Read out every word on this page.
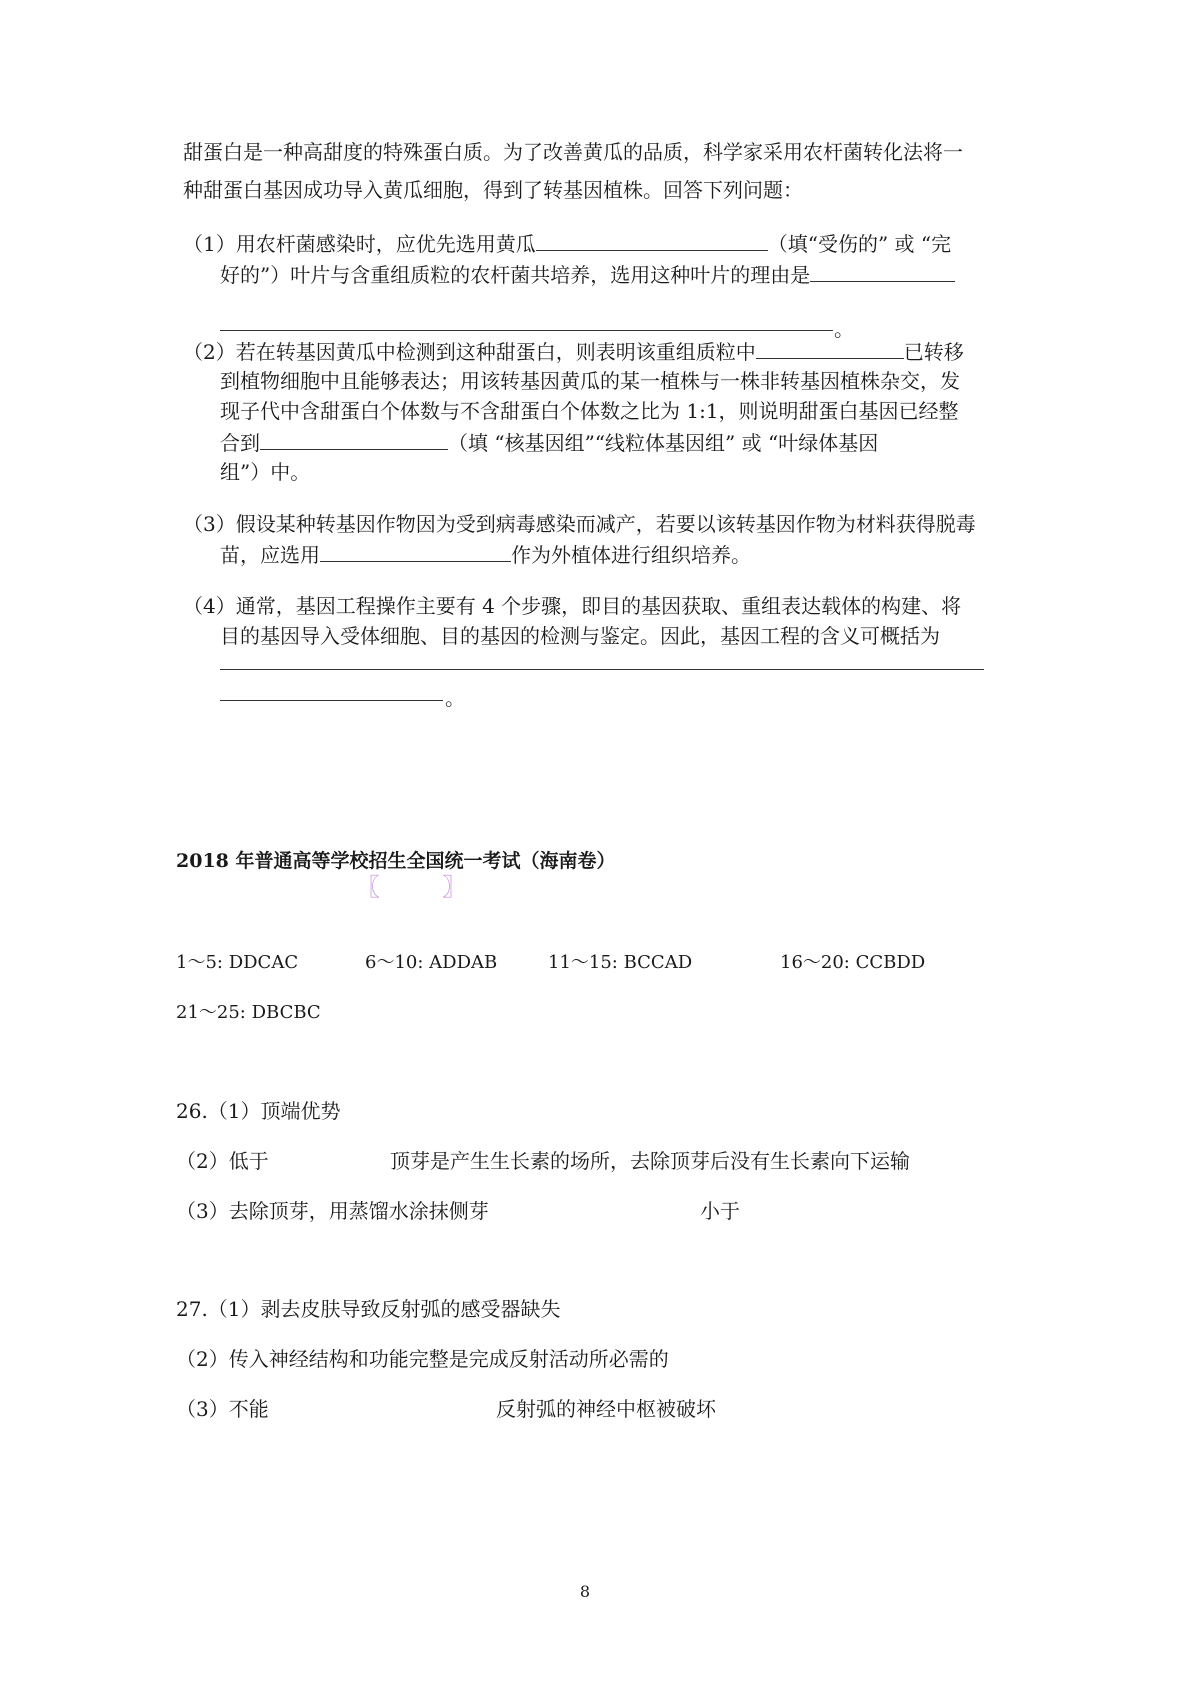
甜蛋白是一种高甜度的特殊蛋白质。为了改善黄瓜的品质，科学家采用农杆菌转化法将一
种甜蛋白基因成功导入黄瓜细胞，得到了转基因植株。回答下列问题：
（1）用农杆菌感染时，应优先选用黄瓜	（填“受伤的” 或 “完
好的”）叶片与含重组质粒的农杆菌共培养，选用这种叶片的理由是
。
（2）若在转基因黄瓜中检测到这种甜蛋白，则表明该重组质粒中	已转移
到植物细胞中且能够表达；用该转基因黄瓜的某一植株与一株非转基因植株杂交，发
现子代中含甜蛋白个体数与不含甜蛋白个体数之比为 1:1，则说明甜蛋白基因已经整
合到	（填 “核基因组”“线粒体基因组” 或 “叶绿体基因
组”）中。
（3）假设某种转基因作物因为受到病毒感染而减产，若要以该转基因作物为材料获得脱毒
苗，应选用	作为外植体进行组织培养。
（4）通常，基因工程操作主要有 4 个步骤，即目的基因获取、重组表达载体的构建、将
目的基因导入受体细胞、目的基因的检测与鉴定。因此，基因工程的含义可概括为
。
2018 年普通高等学校招生全国统一考试（海南卷）
〖	〗
1～5: DDCAC	6～10: ADDAB	11～15: BCCAD	16～20: CCBDD
21～25: DBCBC
26.（1）顶端优势
（2）低于	顶芽是产生生长素的场所，去除顶芽后没有生长素向下运输
（3）去除顶芽，用蒸馏水涂抹侧芽	小于
27.（1）剥去皮肤导致反射弧的感受器缺失
（2）传入神经结构和功能完整是完成反射活动所必需的
（3）不能	反射弧的神经中枢被破坏
8
